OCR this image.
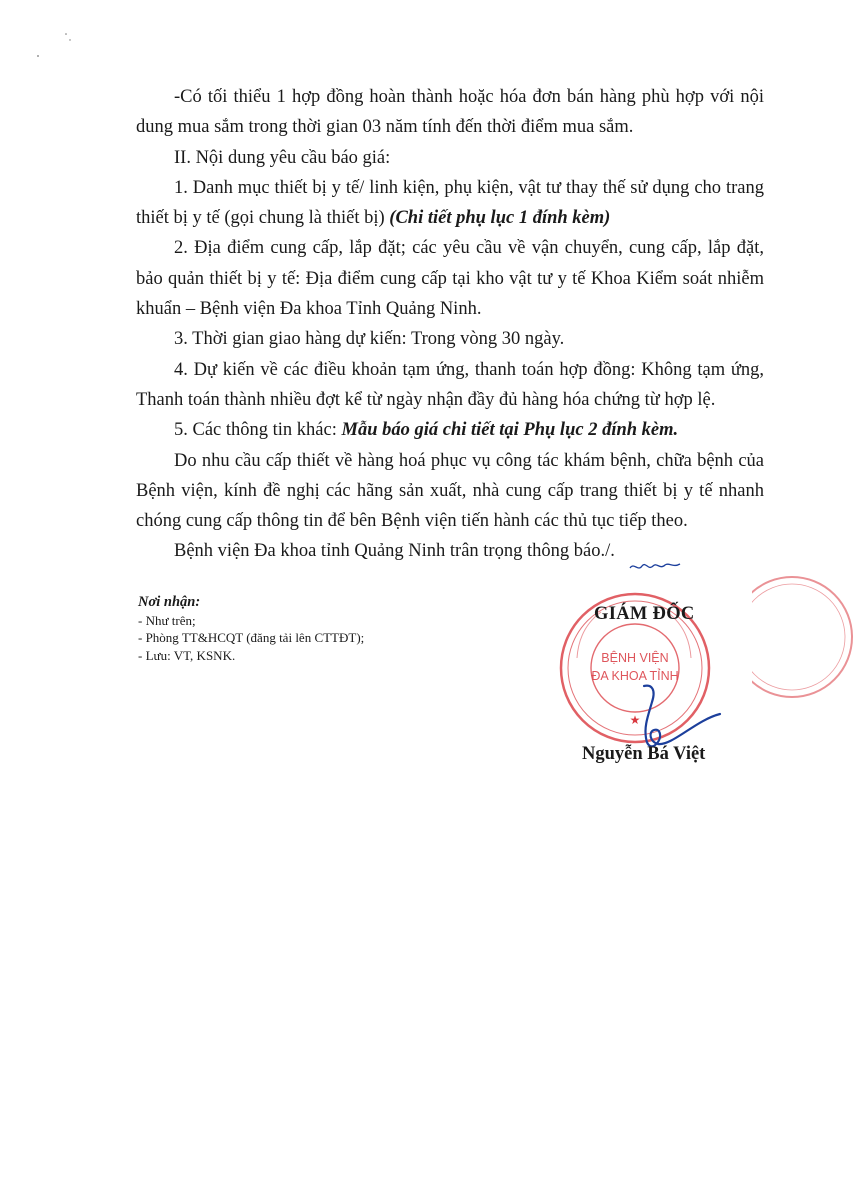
-Có tối thiểu 1 hợp đồng hoàn thành hoặc hóa đơn bán hàng phù hợp với nội dung mua sắm trong thời gian 03 năm tính đến thời điểm mua sắm.

II. Nội dung yêu cầu báo giá:

1. Danh mục thiết bị y tế/ linh kiện, phụ kiện, vật tư thay thế sử dụng cho trang thiết bị y tế (gọi chung là thiết bị) (Chi tiết phụ lục 1 đính kèm)

2. Địa điểm cung cấp, lắp đặt; các yêu cầu về vận chuyển, cung cấp, lắp đặt, bảo quản thiết bị y tế: Địa điểm cung cấp tại kho vật tư y tế Khoa Kiểm soát nhiễm khuẩn – Bệnh viện Đa khoa Tỉnh Quảng Ninh.

3. Thời gian giao hàng dự kiến: Trong vòng 30 ngày.

4. Dự kiến về các điều khoản tạm ứng, thanh toán hợp đồng: Không tạm ứng, Thanh toán thành nhiều đợt kể từ ngày nhận đầy đủ hàng hóa chứng từ hợp lệ.

5. Các thông tin khác: Mẫu báo giá chi tiết tại Phụ lục 2 đính kèm.

Do nhu cầu cấp thiết về hàng hoá phục vụ công tác khám bệnh, chữa bệnh của Bệnh viện, kính đề nghị các hãng sản xuất, nhà cung cấp trang thiết bị y tế nhanh chóng cung cấp thông tin để bên Bệnh viện tiến hành các thủ tục tiếp theo.

Bệnh viện Đa khoa tỉnh Quảng Ninh trân trọng thông báo./.

Nơi nhận:
- Như trên;
- Phòng TT&HCQT (đăng tải lên CTTĐT);
- Lưu: VT, KSNK.	BỆNH VIỆN
ĐA KHOA TỈNH
★
GIÁM ĐỐC
Nguyễn Bá Việt
